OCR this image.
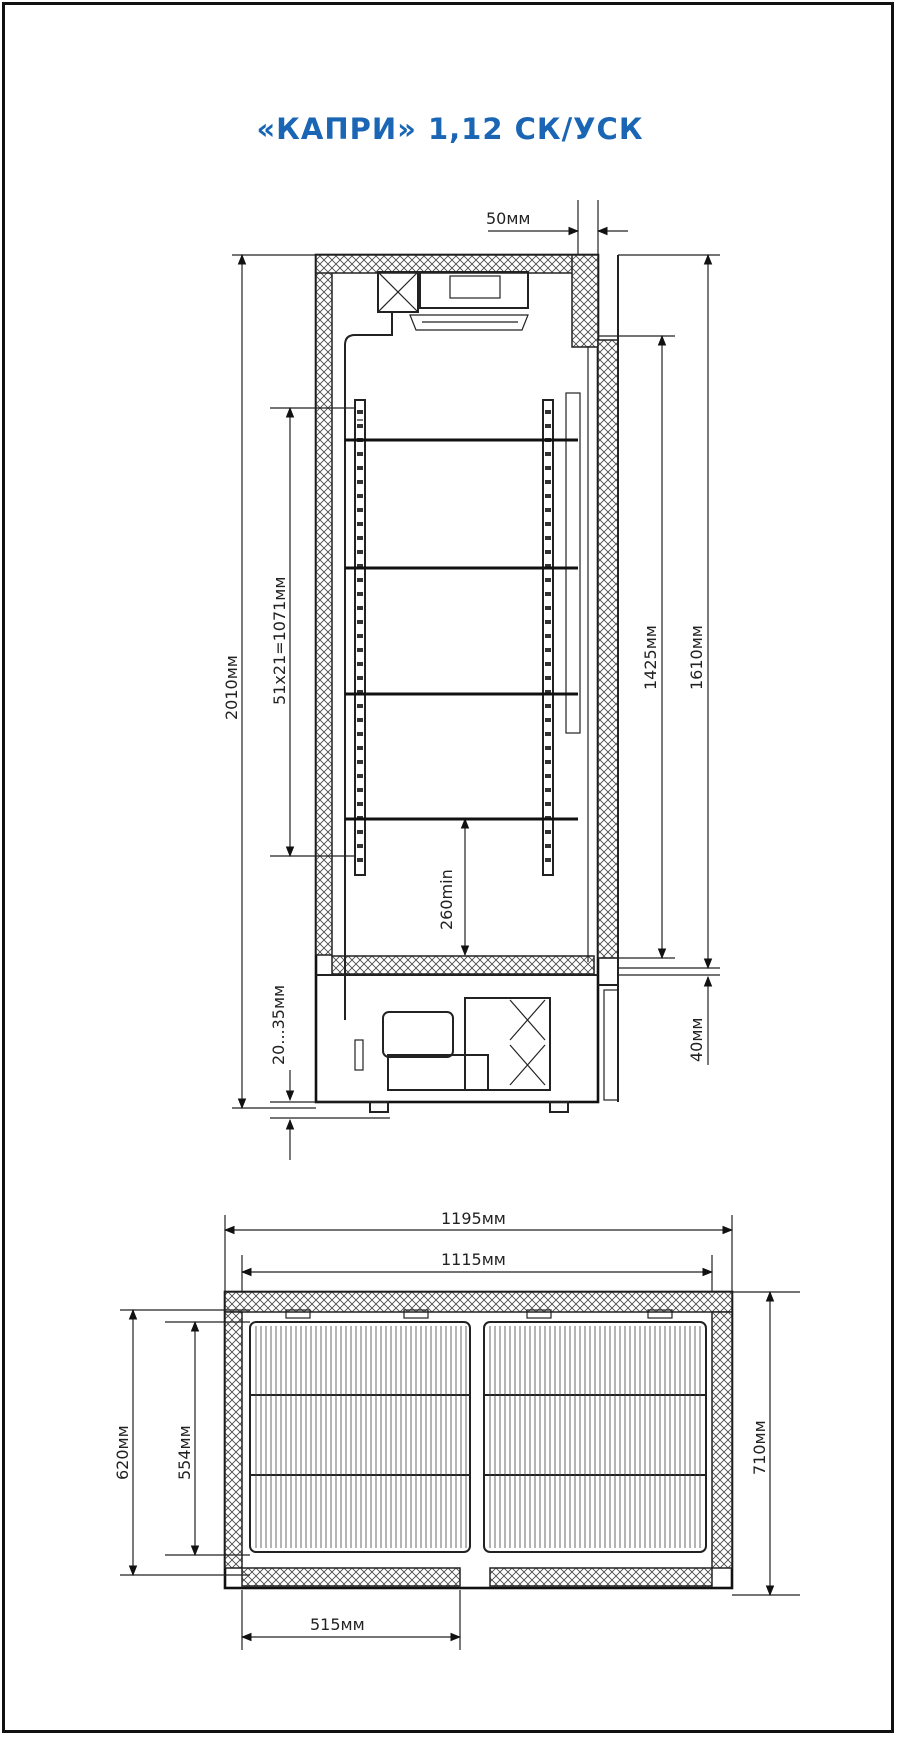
«КАПРИ» 1,12 СК/УСК
50мм
2010мм 51х21=1071мм
260min
1425мм 1610мм
40мм
20...35мм
1195мм
1115мм
620мм	554мм	710мм
515мм
